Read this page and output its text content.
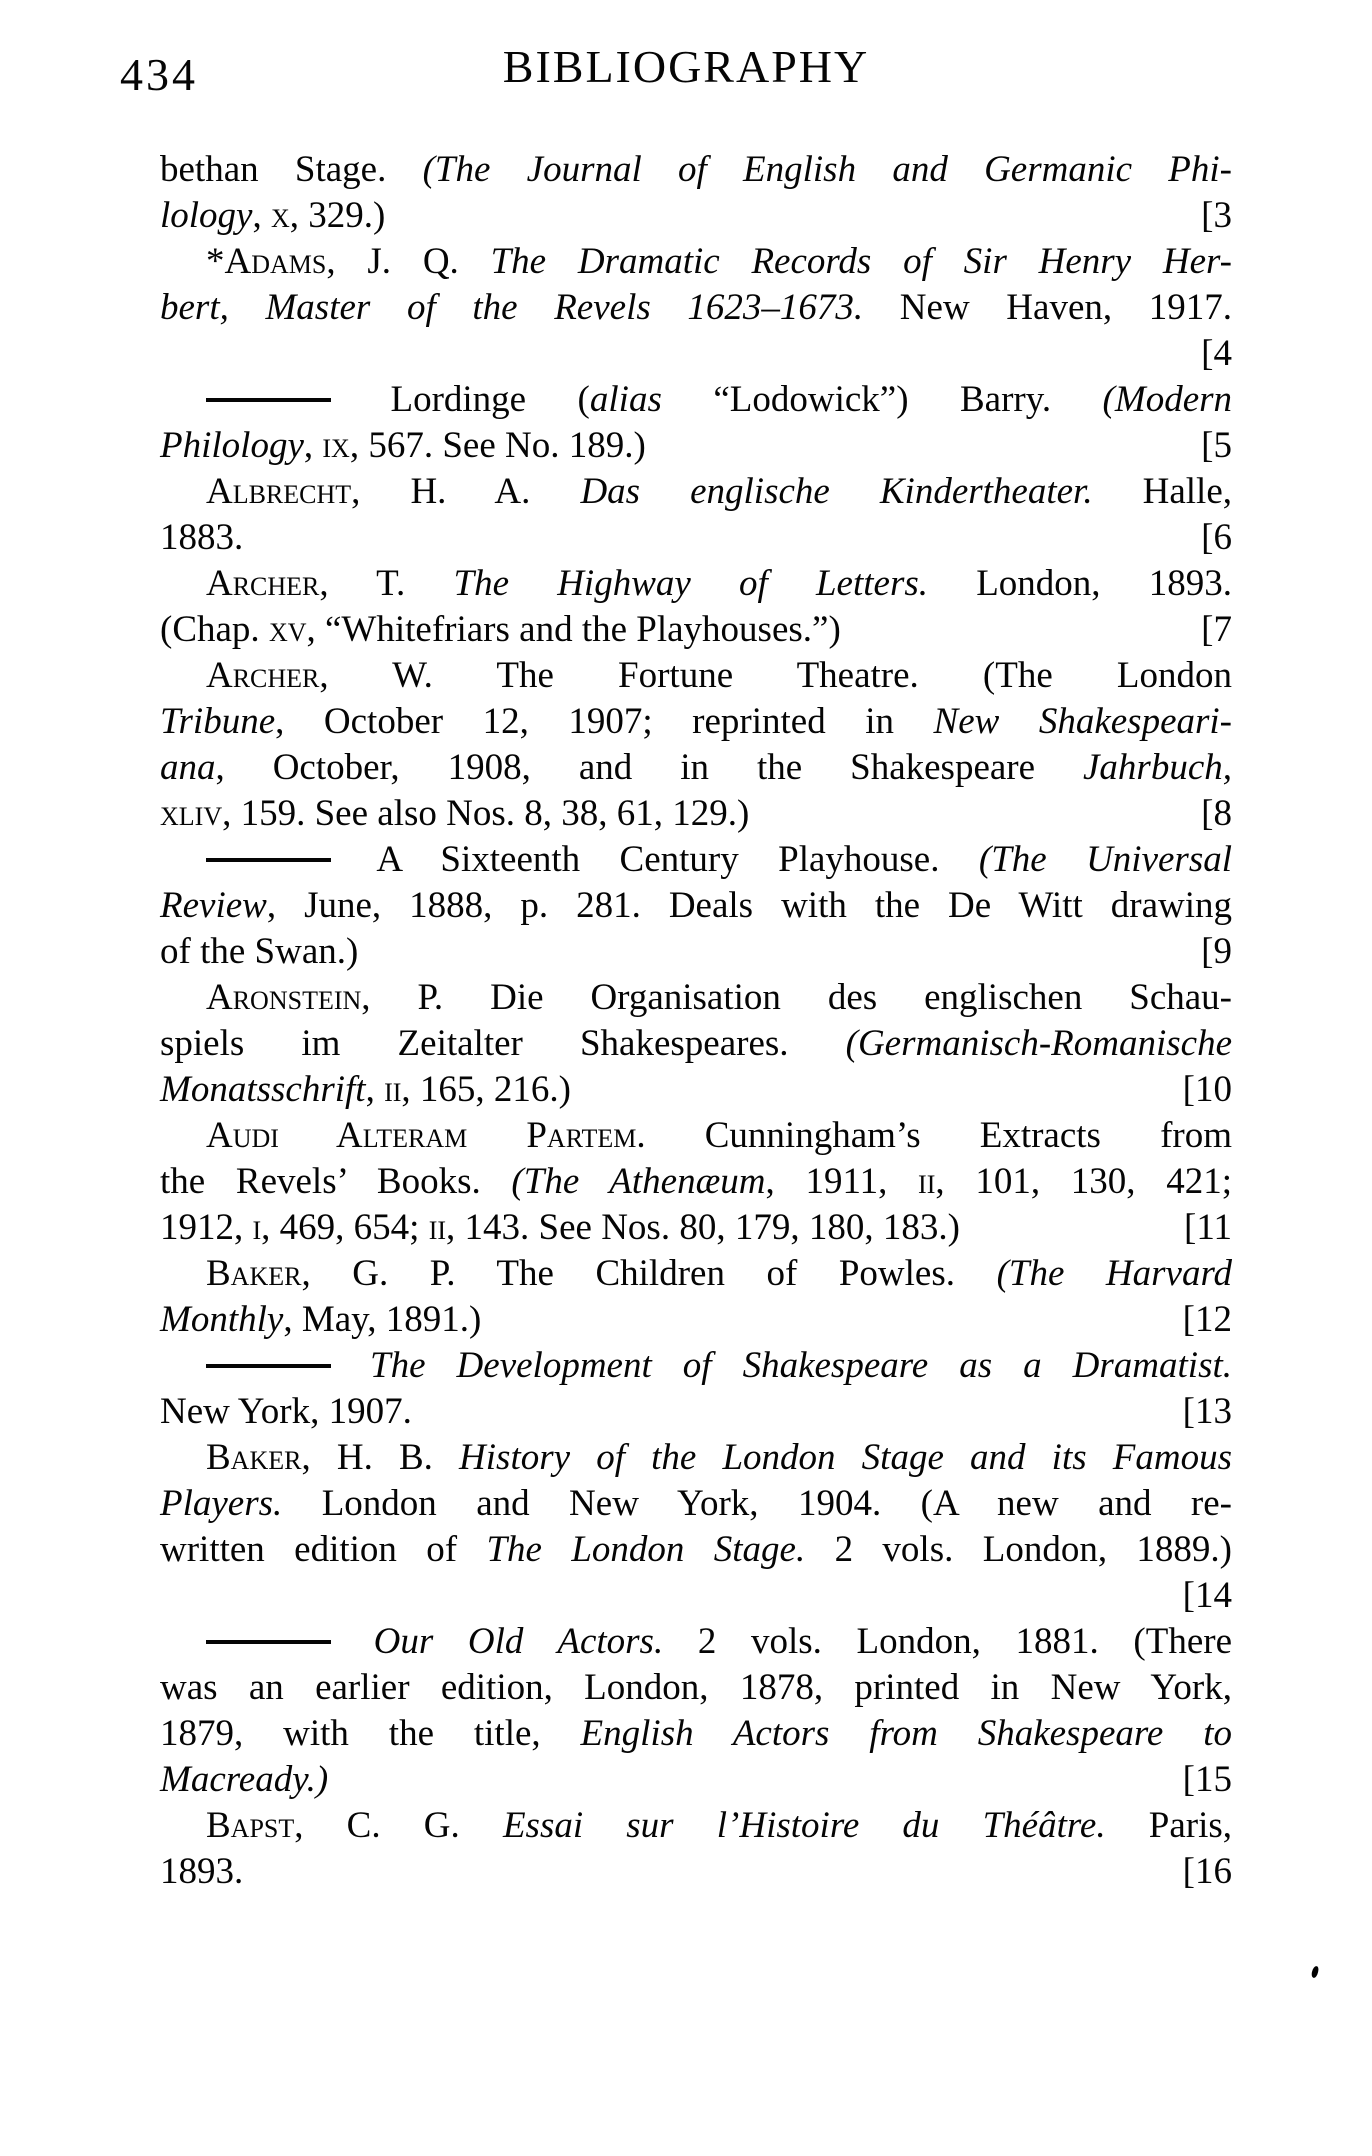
434	BIBLIOGRAPHY
bethan Stage. (The Journal of English and Germanic Phi-
lology, x, 329.)	[3
*Adams, J. Q. The Dramatic Records of Sir Henry Her-
bert, Master of the Revels 1623–1673. New Haven, 1917.
[4
Lordinge (alias “Lodowick”) Barry. (Modern
Philology, ix, 567. See No. 189.)	[5
Albrecht, H. A. Das englische Kindertheater. Halle,
1883.	[6
Archer, T. The Highway of Letters. London, 1893.
(Chap. xv, “Whitefriars and the Playhouses.”)	[7
Archer, W. The Fortune Theatre. (The London
Tribune, October 12, 1907; reprinted in New Shakespeari-
ana, October, 1908, and in the Shakespeare Jahrbuch,
xliv, 159. See also Nos. 8, 38, 61, 129.)	[8
A Sixteenth Century Playhouse. (The Universal
Review, June, 1888, p. 281. Deals with the De Witt drawing
of the Swan.)	[9
Aronstein, P. Die Organisation des englischen Schau-
spiels im Zeitalter Shakespeares. (Germanisch-Romanische
Monatsschrift, ii, 165, 216.)	[10
Audi Alteram Partem. Cunningham’s Extracts from
the Revels’ Books. (The Athenæum, 1911, ii, 101, 130, 421;
1912, i, 469, 654; ii, 143. See Nos. 80, 179, 180, 183.)	[11
Baker, G. P. The Children of Powles. (The Harvard
Monthly, May, 1891.)	[12
The Development of Shakespeare as a Dramatist.
New York, 1907.	[13
Baker, H. B. History of the London Stage and its Famous
Players. London and New York, 1904. (A new and re-
written edition of The London Stage. 2 vols. London, 1889.)
[14
Our Old Actors. 2 vols. London, 1881. (There
was an earlier edition, London, 1878, printed in New York,
1879, with the title, English Actors from Shakespeare to
Macready.)	[15
Bapst, C. G. Essai sur l’Histoire du Théâtre. Paris,
1893.	[16
